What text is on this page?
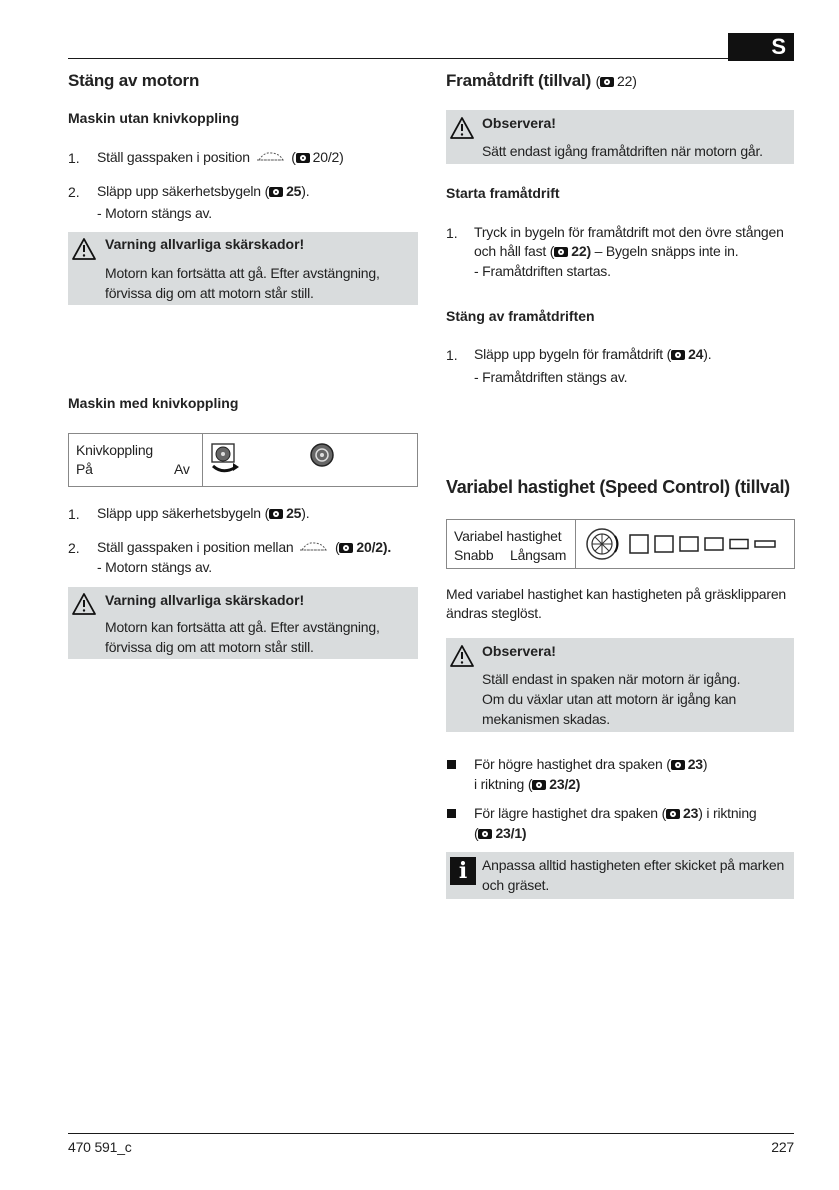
S
Stäng av motorn
Maskin utan knivkoppling
1. Ställ gasspaken i position	( 20/2)
2. Släpp upp säkerhetsbygeln ( 25).
- Motorn stängs av.
Varning allvarliga skärskador!
Motorn kan fortsätta att gå. Efter avstängning,
förvissa dig om att motorn står still.
Maskin med knivkoppling
Knivkoppling
På	Av
1. Släpp upp säkerhetsbygeln ( 25).
2. Ställ gasspaken i position mellan	( 20/2).
- Motorn stängs av.
Varning allvarliga skärskador!
Motorn kan fortsätta att gå. Efter avstängning,
förvissa dig om att motorn står still.
Framåtdrift (tillval) ( 22)
Observera!
Sätt endast igång framåtdriften när motorn går.
Starta framåtdrift
1. Tryck in bygeln för framåtdrift mot den övre stången
och håll fast ( 22) – Bygeln snäpps inte in.
- Framåtdriften startas.
Stäng av framåtdriften
1. Släpp upp bygeln för framåtdrift ( 24).
- Framåtdriften stängs av.
Variabel hastighet (Speed Control) (tillval)
Variabel hastighet
Snabb Långsam
Med variabel hastighet kan hastigheten på gräsklipparen
ändras steglöst.
Observera!
Ställ endast in spaken när motorn är igång.
Om du växlar utan att motorn är igång kan
mekanismen skadas.
För högre hastighet dra spaken ( 23)
i riktning ( 23/2)
För lägre hastighet dra spaken ( 23) i riktning
( 23/1)
i	Anpassa alltid hastigheten efter skicket på marken
och gräset.
470 591_c	227
